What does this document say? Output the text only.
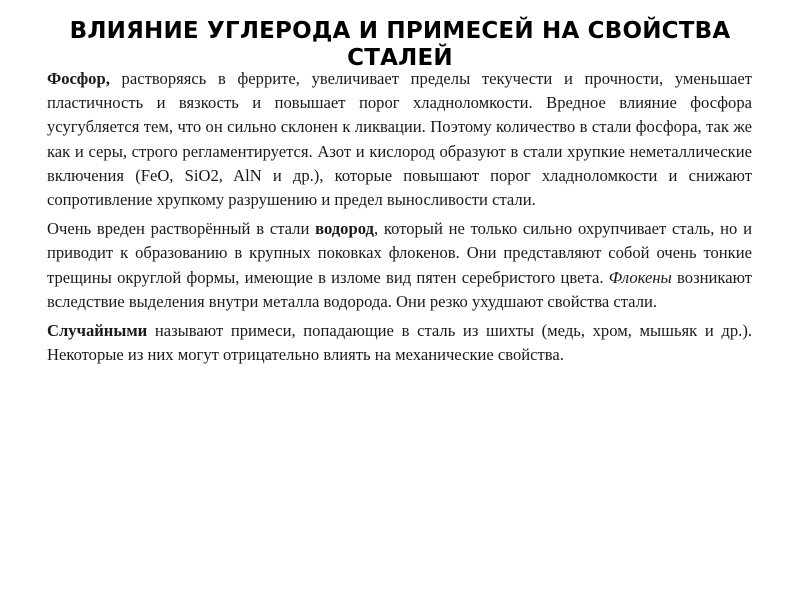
ВЛИЯНИЕ УГЛЕРОДА И ПРИМЕСЕЙ НА СВОЙСТВА СТАЛЕЙ

Фосфор, растворяясь в феррите, увеличивает пределы текучести и прочности, уменьшает пластичность и вязкость и повышает порог хладноломкости. Вредное влияние фосфора усугубляется тем, что он сильно склонен к ликвации. Поэтому количество в стали фосфора, так же как и серы, строго регламентируется. Азот и кислород образуют в стали хрупкие неметаллические включения (FeO, SiO2, AlN и др.), которые повышают порог хладноломкости и снижают сопротивление хрупкому разрушению и предел выносливости стали.

Очень вреден растворённый в стали водород, который не только сильно охрупчивает сталь, но и приводит к образованию в крупных поковках флокенов. Они представляют собой очень тонкие трещины округлой формы, имеющие в изломе вид пятен серебристого цвета. Флокены возникают вследствие выделения внутри металла водорода. Они резко ухудшают свойства стали.

Случайными называют примеси, попадающие в сталь из шихты (медь, хром, мышьяк и др.). Некоторые из них могут отрицательно влиять на механические свойства.
